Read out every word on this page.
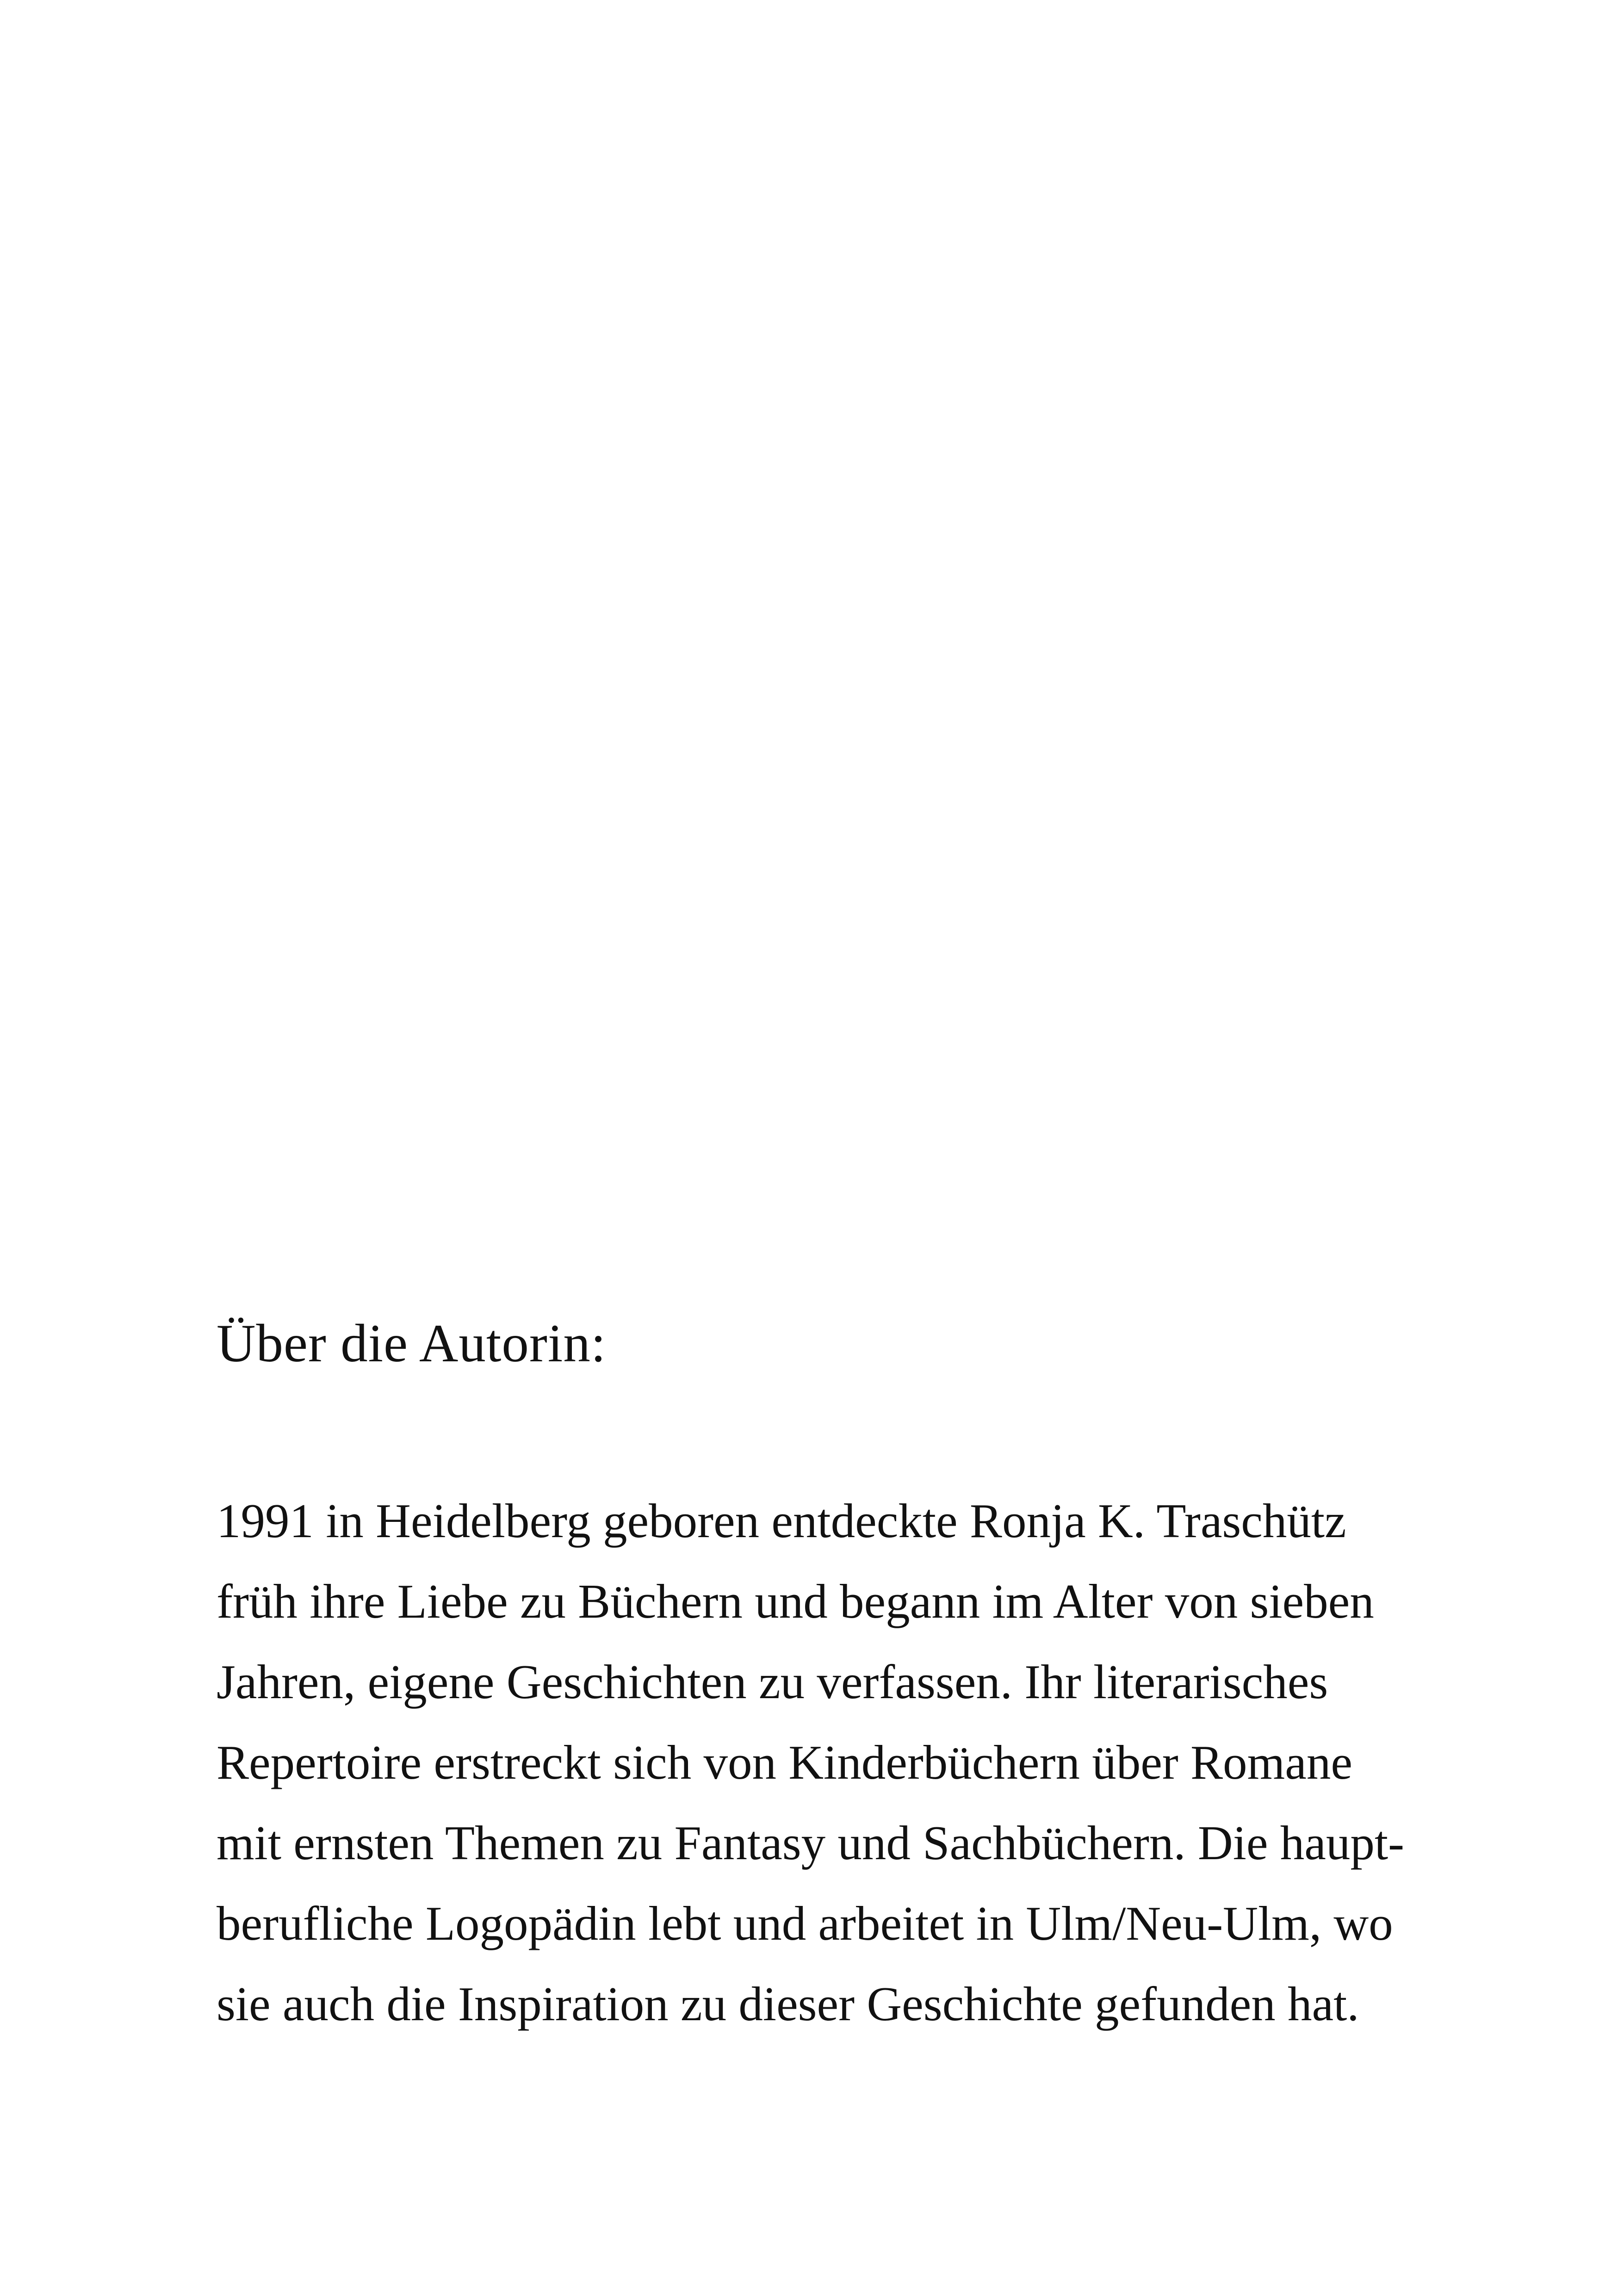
Über die Autorin:

1991 in Heidelberg geboren entdeckte Ronja K. Traschütz
früh ihre Liebe zu Büchern und begann im Alter von sieben
Jahren, eigene Geschichten zu verfassen. Ihr literarisches
Repertoire erstreckt sich von Kinderbüchern über Romane
mit ernsten Themen zu Fantasy und Sachbüchern. Die haupt-
berufliche Logopädin lebt und arbeitet in Ulm/Neu-Ulm, wo
sie auch die Inspiration zu dieser Geschichte gefunden hat.
